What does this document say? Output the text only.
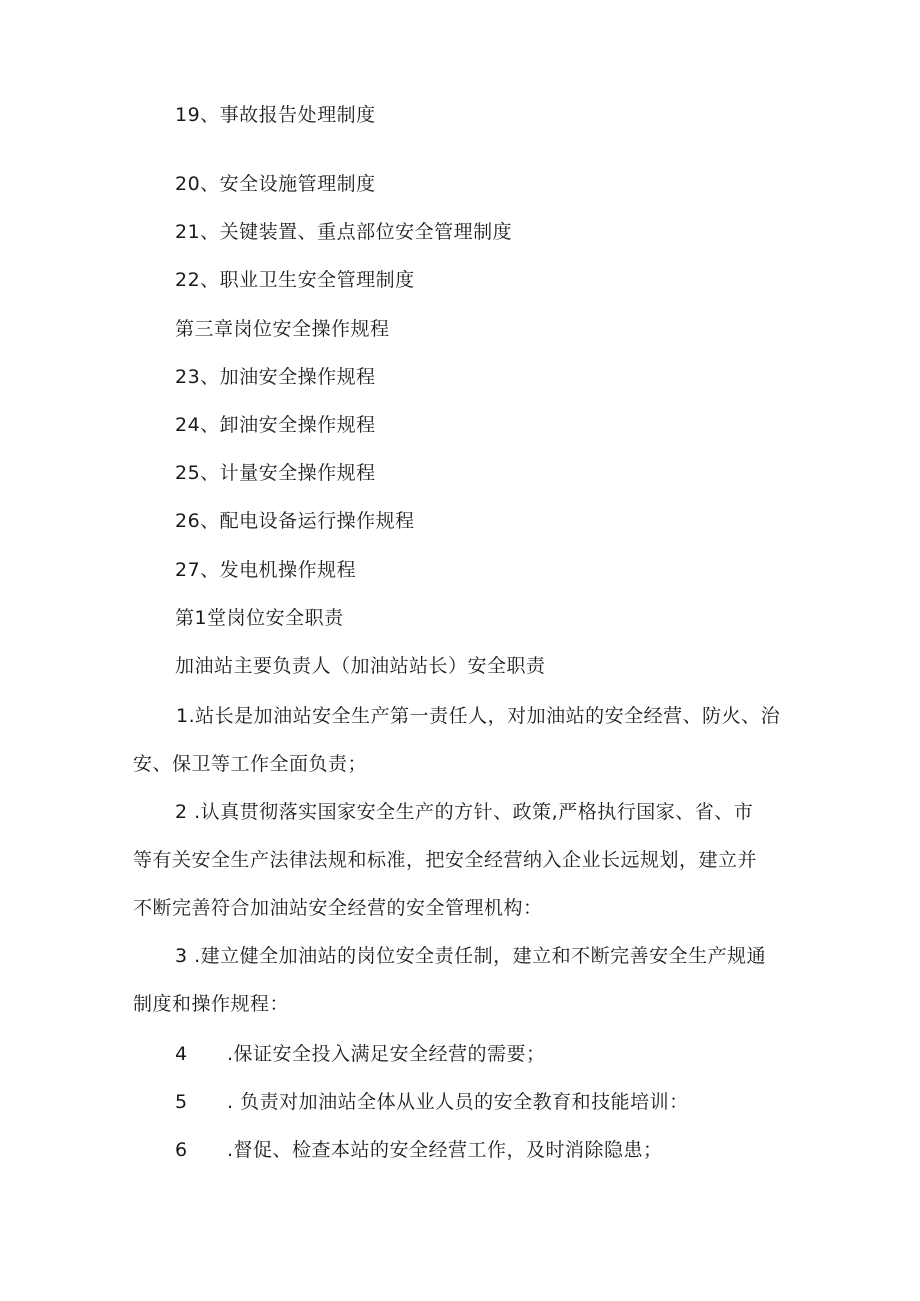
19、事故报告处理制度
20、安全设施管理制度
21、关键装置、重点部位安全管理制度
22、职业卫生安全管理制度
第三章岗位安全操作规程
23、加油安全操作规程
24、卸油安全操作规程
25、计量安全操作规程
26、配电设备运行操作规程
27、发电机操作规程
第1堂岗位安全职责
加油站主要负责人（加油站站长）安全职责
1.站长是加油站安全生产第一责任人，对加油站的安全经营、防火、治
安、保卫等工作全面负责；
2 .认真贯彻落实国家安全生产的方针、政策,严格执行国家、省、市
等有关安全生产法律法规和标准，把安全经营纳入企业长远规划，建立并
不断完善符合加油站安全经营的安全管理机构：
3 .建立健全加油站的岗位安全责任制，建立和不断完善安全生产规通
制度和操作规程：
4 .保证安全投入满足安全经营的需要；
5 . 负责对加油站全体从业人员的安全教育和技能培训：
6 .督促、检查本站的安全经营工作，及时消除隐患；
